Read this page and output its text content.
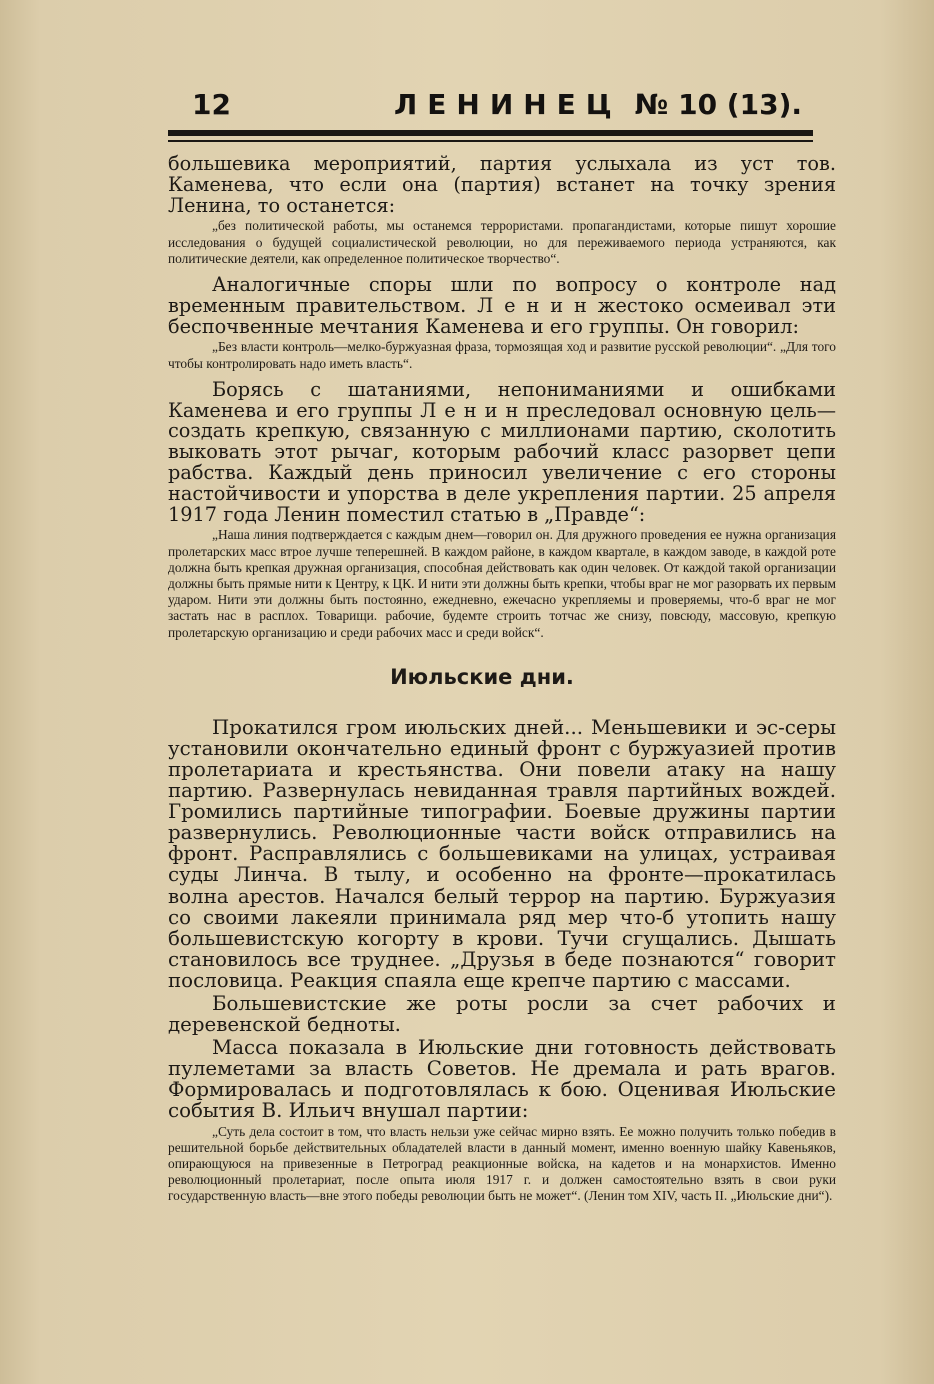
12	ЛЕНИНЕЦ № 10 (13).

большевика мероприятий, партия услыхала из уст тов. Каменева, что если она (партия) встанет на точку зрения Ленина, то останется:

„без политической работы, мы останемся террористами. пропагандистами, которые пишут хорошие исследования о будущей социалистической революции, но для переживаемого периода устраняются, как политические деятели, как определенное политическое творчество“.

Аналогичные споры шли по вопросу о контроле над временным правительством. Л е н и н жестоко осмеивал эти беспочвенные мечтания Каменева и его группы. Он говорил:

„Без власти контроль—мелко-буржуазная фраза, тормозящая ход и развитие русской революции“. „Для того чтобы контролировать надо иметь власть“.

Борясь с шатаниями, непониманиями и ошибками Каменева и его группы Л е н и н преследовал основную цель—создать крепкую, связанную с миллионами партию, сколотить выковать этот рычаг, которым рабочий класс разорвет цепи рабства. Каждый день приносил увеличение с его стороны настойчивости и упорства в деле укрепления партии. 25 апреля 1917 года Ленин поместил статью в „Правде“:

„Наша линия подтверждается с каждым днем—говорил он. Для дружного проведения ее нужна организация пролетарских масс втрое лучше теперешней. В каждом районе, в каждом квартале, в каждом заводе, в каждой роте должна быть крепкая дружная организация, способная действовать как один человек. От каждой такой организации должны быть прямые нити к Центру, к ЦК. И нити эти должны быть крепки, чтобы враг не мог разорвать их первым ударом. Нити эти должны быть постоянно, ежедневно, ежечасно укрепляемы и проверяемы, что-б враг не мог застать нас в расплох. Товарищи. рабочие, будемте строить тотчас же снизу, повсюду, массовую, крепкую пролетарскую организацию и среди рабочих масс и среди войск“.

Июльские дни.

Прокатился гром июльских дней... Меньшевики и эс-серы установили окончательно единый фронт с буржуазией против пролетариата и крестьянства. Они повели атаку на нашу партию. Развернулась невиданная травля партийных вождей. Громились партийные типографии. Боевые дружины партии развернулись. Революционные части войск отправились на фронт. Расправлялись с большевиками на улицах, устраивая суды Линча. В тылу, и особенно на фронте—прокатилась волна арестов. Начался белый террор на партию. Буржуазия со своими лакеяли принимала ряд мер что-б утопить нашу большевистскую когорту в крови. Тучи сгущались. Дышать становилось все труднее. „Друзья в беде познаются“ говорит пословица. Реакция спаяла еще крепче партию с массами.

Большевистские же роты росли за счет рабочих и деревенской бедноты.

Масса показала в Июльские дни готовность действовать пулеметами за власть Советов. Не дремала и рать врагов. Формировалась и подготовлялась к бою. Оценивая Июльские события В. Ильич внушал партии:

„Суть дела состоит в том, что власть нельзи уже сейчас мирно взять. Ее можно получить только победив в решительной борьбе действительных обладателей власти в данный момент, именно военную шайку Кавеньяков, опирающуюся на привезенные в Петроград реакционные войска, на кадетов и на монархистов. Именно революционный пролетариат, после опыта июля 1917 г. и должен самостоятельно взять в свои руки государственную власть—вне этого победы революции быть не может“. (Ленин том XIV, часть II. „Июльские дни“).
